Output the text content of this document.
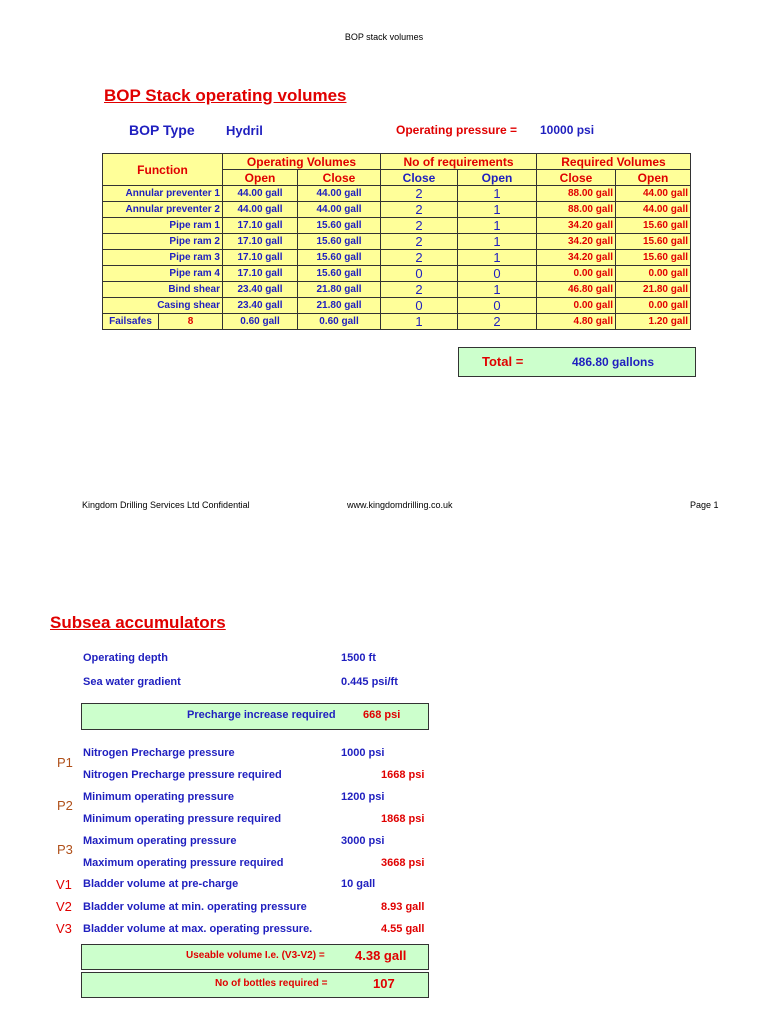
BOP stack volumes
BOP Stack operating volumes
BOP Type Hydril	Operating pressure = 10000 psi
Function		Operating Volumes		No of requirements		Required Volumes	
		Open	Close	Close	Open	Close	Open
Annular preventer 1		44.00 gall	44.00 gall	2	1	88.00 gall	44.00 gall
Annular preventer 2		44.00 gall	44.00 gall	2	1	88.00 gall	44.00 gall
Pipe ram 1		17.10 gall	15.60 gall	2	1	34.20 gall	15.60 gall
Pipe ram 2		17.10 gall	15.60 gall	2	1	34.20 gall	15.60 gall
Pipe ram 3		17.10 gall	15.60 gall	2	1	34.20 gall	15.60 gall
Pipe ram 4		17.10 gall	15.60 gall	0	0	0.00 gall	0.00 gall
Bind shear		23.40 gall	21.80 gall	2	1	46.80 gall	21.80 gall
Casing shear		23.40 gall	21.80 gall	0	0	0.00 gall	0.00 gall
Failsafes	8	0.60 gall	0.60 gall	1	2	4.80 gall	1.20 gall
Total =	486.80 gallons
Kingdom Drilling Services Ltd Confidential	www.kingdomdrilling.co.uk	Page 1
Subsea accumulators
Operating depth	1500 ft
Sea water gradient	0.445 psi/ft
Precharge increase required 668 psi
P1
Nitrogen Precharge pressure	1000 psi
Nitrogen Precharge pressure required	1668 psi
P2
Minimum operating pressure	1200 psi
Minimum operating pressure required	1868 psi
P3
Maximum operating pressure	3000 psi
Maximum operating pressure required	3668 psi
V1 Bladder volume at pre-charge	10 gall
V2 Bladder volume at min. operating pressure	8.93 gall
V3 Bladder volume at max. operating pressure.	4.55 gall
Useable volume I.e. (V3-V2) = 4.38 gall
No of bottles required =	107
